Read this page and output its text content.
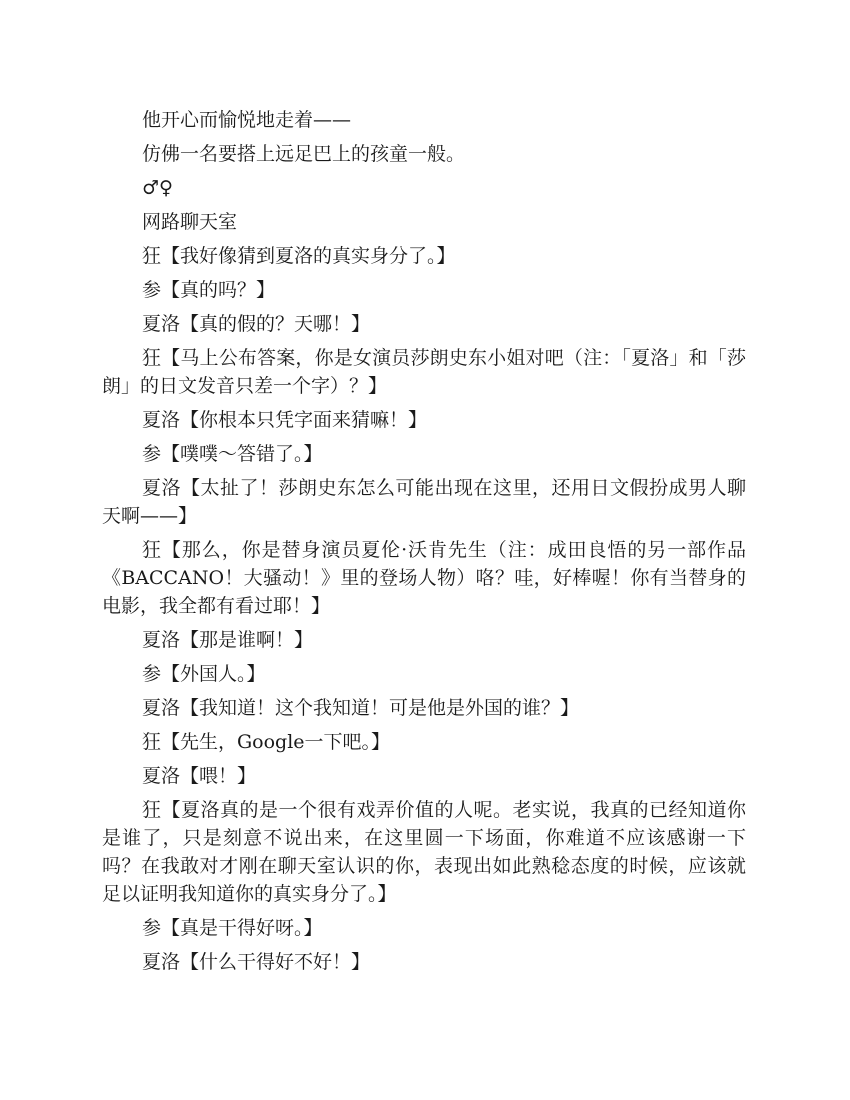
他开心而愉悦地走着——

仿佛一名要搭上远足巴上的孩童一般。

♂♀

网路聊天室

狂【我好像猜到夏洛的真实身分了。】

参【真的吗？】

夏洛【真的假的？天哪！】

狂【马上公布答案，你是女演员莎朗史东小姐对吧（注：「夏洛」和「莎朗」的日文发音只差一个字）？】

夏洛【你根本只凭字面来猜嘛！】

参【噗噗～答错了。】

夏洛【太扯了！莎朗史东怎么可能出现在这里，还用日文假扮成男人聊天啊——】

狂【那么，你是替身演员夏伦·沃肯先生（注：成田良悟的另一部作品《BACCANO！大骚动！》里的登场人物）咯？哇，好棒喔！你有当替身的电影，我全都有看过耶！】

夏洛【那是谁啊！】

参【外国人。】

夏洛【我知道！这个我知道！可是他是外国的谁？】

狂【先生，Google一下吧。】

夏洛【喂！】

狂【夏洛真的是一个很有戏弄价值的人呢。老实说，我真的已经知道你是谁了，只是刻意不说出来，在这里圆一下场面，你难道不应该感谢一下吗？在我敢对才刚在聊天室认识的你，表现出如此熟稔态度的时候，应该就足以证明我知道你的真实身分了。】

参【真是干得好呀。】

夏洛【什么干得好不好！】
